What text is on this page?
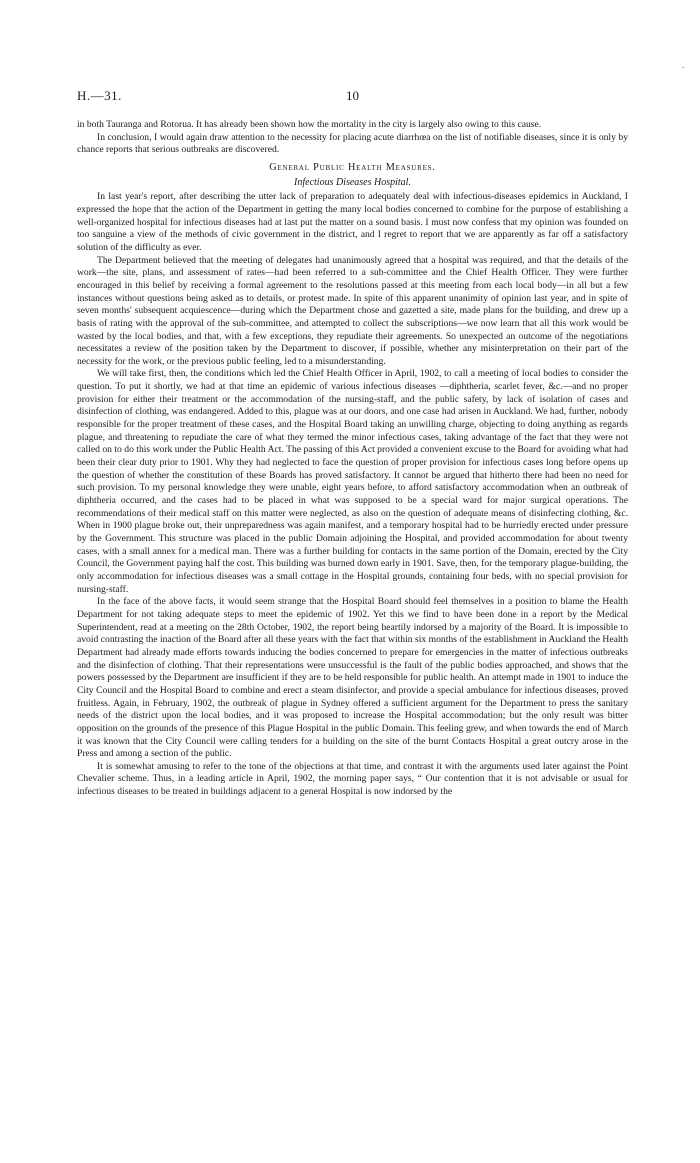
.
H.—31.	10

in both Tauranga and Rotorua. It has already been shown how the mortality in the city is largely also owing to this cause.

In conclusion, I would again draw attention to the necessity for placing acute diarrhœa on the list of notifiable diseases, since it is only by chance reports that serious outbreaks are discovered.

General Public Health Measures.
Infectious Diseases Hospital.

In last year's report, after describing the utter lack of preparation to adequately deal with infectious-diseases epidemics in Auckland, I expressed the hope that the action of the Department in getting the many local bodies concerned to combine for the purpose of establishing a well-organized hospital for infectious diseases had at last put the matter on a sound basis. I must now confess that my opinion was founded on too sanguine a view of the methods of civic government in the district, and I regret to report that we are apparently as far off a satisfactory solution of the difficulty as ever.

The Department believed that the meeting of delegates had unanimously agreed that a hospital was required, and that the details of the work—the site, plans, and assessment of rates—had been referred to a sub-committee and the Chief Health Officer. They were further encouraged in this belief by receiving a formal agreement to the resolutions passed at this meeting from each local body—in all but a few instances without questions being asked as to details, or protest made. In spite of this apparent unanimity of opinion last year, and in spite of seven months' subsequent acquiescence—during which the Department chose and gazetted a site, made plans for the building, and drew up a basis of rating with the approval of the sub-committee, and attempted to collect the subscriptions—we now learn that all this work would be wasted by the local bodies, and that, with a few exceptions, they repudiate their agreements. So unexpected an outcome of the negotiations necessitates a review of the position taken by the Department to discover, if possible, whether any misinterpretation on their part of the necessity for the work, or the previous public feeling, led to a misunderstanding.

We will take first, then, the conditions which led the Chief Health Officer in April, 1902, to call a meeting of local bodies to consider the question. To put it shortly, we had at that time an epidemic of various infectious diseases —diphtheria, scarlet fever, &c.—and no proper provision for either their treatment or the accommodation of the nursing-staff, and the public safety, by lack of isolation of cases and disinfection of clothing, was endangered. Added to this, plague was at our doors, and one case had arisen in Auckland. We had, further, nobody responsible for the proper treatment of these cases, and the Hospital Board taking an unwilling charge, objecting to doing anything as regards plague, and threatening to repudiate the care of what they termed the minor infectious cases, taking advantage of the fact that they were not called on to do this work under the Public Health Act. The passing of this Act provided a convenient excuse to the Board for avoiding what had been their clear duty prior to 1901. Why they had neglected to face the question of proper provision for infectious cases long before opens up the question of whether the constitution of these Boards has proved satisfactory. It cannot be argued that hitherto there had been no need for such provision. To my personal knowledge they were unable, eight years before, to afford satisfactory accommodation when an outbreak of diphtheria occurred, and the cases had to be placed in what was supposed to be a special ward for major surgical operations. The recommendations of their medical staff on this matter were neglected, as also on the question of adequate means of disinfecting clothing, &c. When in 1900 plague broke out, their unpreparedness was again manifest, and a temporary hospital had to be hurriedly erected under pressure by the Government. This structure was placed in the public Domain adjoining the Hospital, and provided accommodation for about twenty cases, with a small annex for a medical man. There was a further building for contacts in the same portion of the Domain, erected by the City Council, the Government paying half the cost. This building was burned down early in 1901. Save, then, for the temporary plague-building, the only accommodation for infectious diseases was a small cottage in the Hospital grounds, containing four beds, with no special provision for nursing-staff.

In the face of the above facts, it would seem strange that the Hospital Board should feel themselves in a position to blame the Health Department for not taking adequate steps to meet the epidemic of 1902. Yet this we find to have been done in a report by the Medical Superintendent, read at a meeting on the 28th October, 1902, the report being heartily indorsed by a majority of the Board. It is impossible to avoid contrasting the inaction of the Board after all these years with the fact that within six months of the establishment in Auckland the Health Department had already made efforts towards inducing the bodies concerned to prepare for emergencies in the matter of infectious outbreaks and the disinfection of clothing. That their representations were unsuccessful is the fault of the public bodies approached, and shows that the powers possessed by the Department are insufficient if they are to be held responsible for public health. An attempt made in 1901 to induce the City Council and the Hospital Board to combine and erect a steam disinfector, and provide a special ambulance for infectious diseases, proved fruitless. Again, in February, 1902, the outbreak of plague in Sydney offered a sufficient argument for the Department to press the sanitary needs of the district upon the local bodies, and it was proposed to increase the Hospital accommodation; but the only result was bitter opposition on the grounds of the presence of this Plague Hospital in the public Domain. This feeling grew, and when towards the end of March it was known that the City Council were calling tenders for a building on the site of the burnt Contacts Hospital a great outcry arose in the Press and among a section of the public.

It is somewhat amusing to refer to the tone of the objections at that time, and contrast it with the arguments used later against the Point Chevalier scheme. Thus, in a leading article in April, 1902, the morning paper says, “ Our contention that it is not advisable or usual for infectious diseases to be treated in buildings adjacent to a general Hospital is now indorsed by the
